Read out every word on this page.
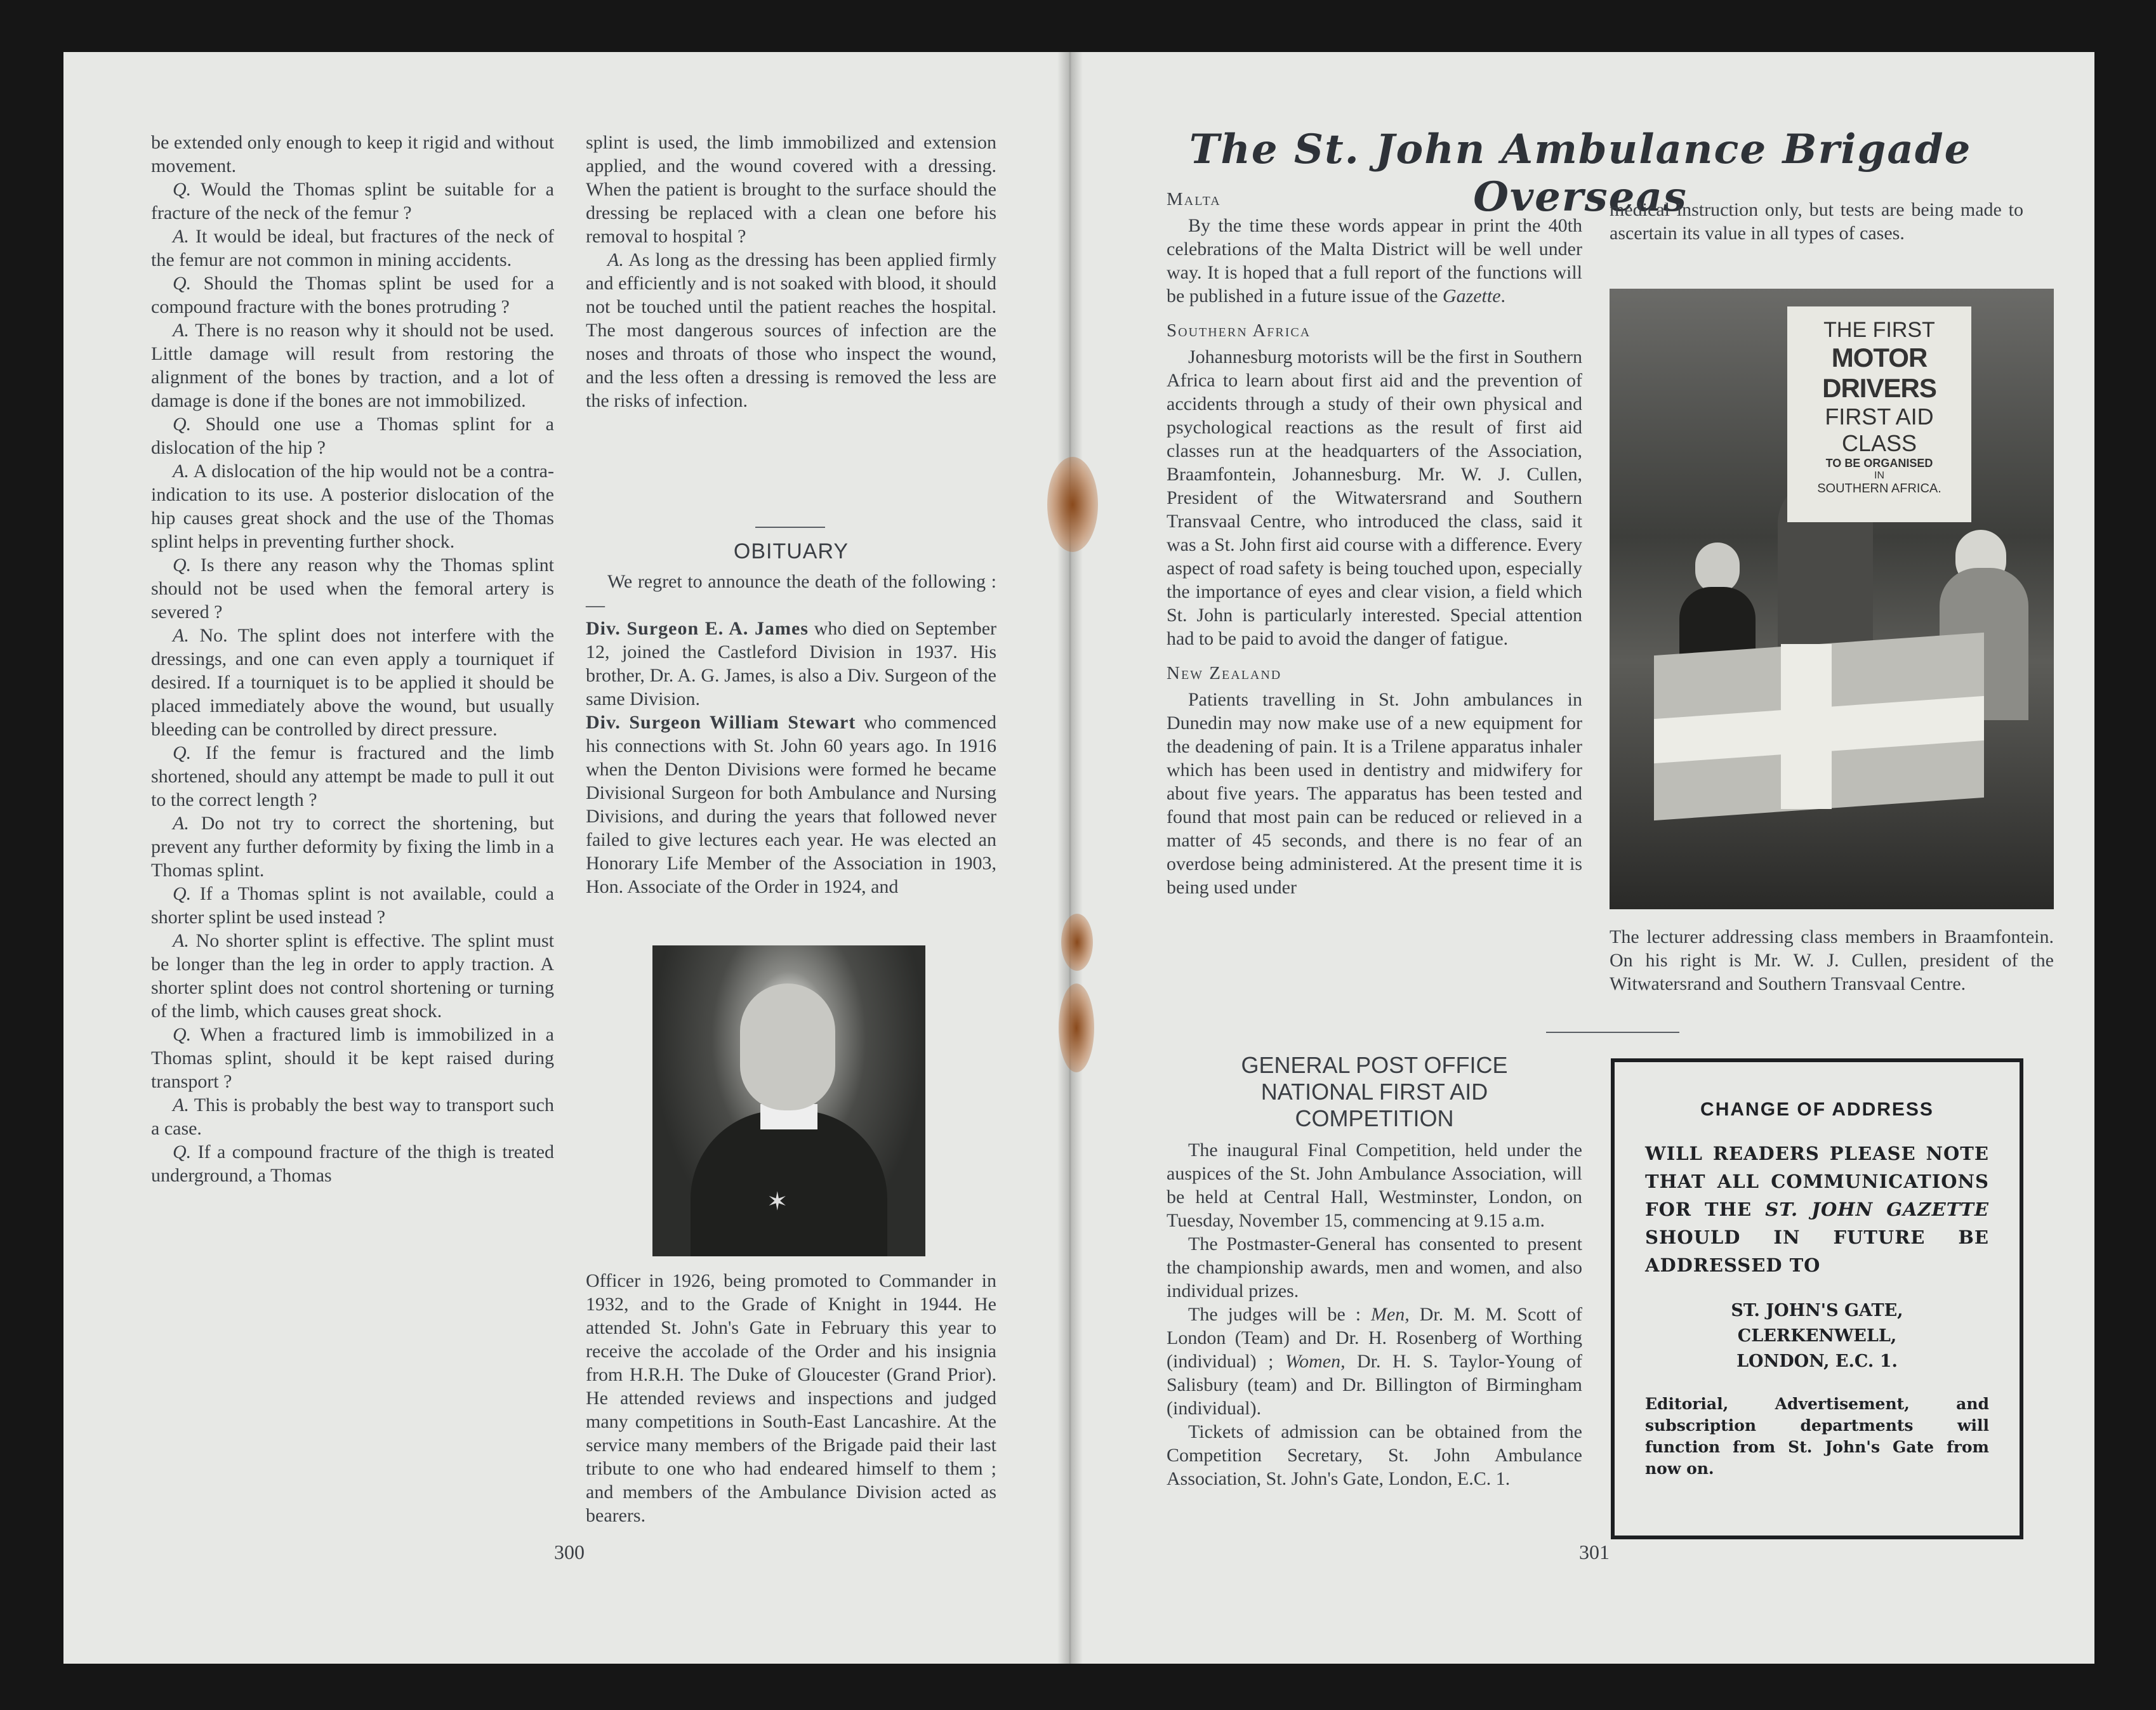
be extended only enough to keep it rigid and without movement.

Q. Would the Thomas splint be suitable for a fracture of the neck of the femur ?

A. It would be ideal, but fractures of the neck of the femur are not common in mining accidents.

Q. Should the Thomas splint be used for a compound fracture with the bones protruding ?

A. There is no reason why it should not be used. Little damage will result from restoring the alignment of the bones by traction, and a lot of damage is done if the bones are not immobilized.

Q. Should one use a Thomas splint for a dislocation of the hip ?

A. A dislocation of the hip would not be a contra-indication to its use. A posterior dislocation of the hip causes great shock and the use of the Thomas splint helps in preventing further shock.

Q. Is there any reason why the Thomas splint should not be used when the femoral artery is severed ?

A. No. The splint does not interfere with the dressings, and one can even apply a tourniquet if desired. If a tourniquet is to be applied it should be placed immediately above the wound, but usually bleeding can be controlled by direct pressure.

Q. If the femur is fractured and the limb shortened, should any attempt be made to pull it out to the correct length ?

A. Do not try to correct the shortening, but prevent any further deformity by fixing the limb in a Thomas splint.

Q. If a Thomas splint is not available, could a shorter splint be used instead ?

A. No shorter splint is effective. The splint must be longer than the leg in order to apply traction. A shorter splint does not control shortening or turning of the limb, which causes great shock.

Q. When a fractured limb is immobilized in a Thomas splint, should it be kept raised during transport ?

A. This is probably the best way to transport such a case.

Q. If a compound fracture of the thigh is treated underground, a Thomas

splint is used, the limb immobilized and extension applied, and the wound covered with a dressing. When the patient is brought to the surface should the dressing be replaced with a clean one before his removal to hospital ?

A. As long as the dressing has been applied firmly and efficiently and is not soaked with blood, it should not be touched until the patient reaches the hospital. The most dangerous sources of infection are the noses and throats of those who inspect the wound, and the less often a dressing is removed the less are the risks of infection.

OBITUARY

We regret to announce the death of the following :—

Div. Surgeon E. A. James who died on September 12, joined the Castleford Division in 1937. His brother, Dr. A. G. James, is also a Div. Surgeon of the same Division.

Div. Surgeon William Stewart who commenced his connections with St. John 60 years ago. In 1916 when the Denton Divisions were formed he became Divisional Surgeon for both Ambulance and Nursing Divisions, and during the years that followed never failed to give lectures each year. He was elected an Honorary Life Member of the Association in 1903, Hon. Associate of the Order in 1924, and

✶

Officer in 1926, being promoted to Commander in 1932, and to the Grade of Knight in 1944. He attended St. John's Gate in February this year to receive the accolade of the Order and his insignia from H.R.H. The Duke of Gloucester (Grand Prior). He attended reviews and inspections and judged many competitions in South-East Lancashire. At the service many members of the Brigade paid their last tribute to one who had endeared himself to them ; and members of the Ambulance Division acted as bearers.

300
The St. John Ambulance Brigade Overseas

Malta

By the time these words appear in print the 40th celebrations of the Malta District will be well under way. It is hoped that a full report of the functions will be published in a future issue of the Gazette.

Southern Africa

Johannesburg motorists will be the first in Southern Africa to learn about first aid and the prevention of accidents through a study of their own physical and psychological reactions as the result of first aid classes run at the headquarters of the Association, Braamfontein, Johannesburg. Mr. W. J. Cullen, President of the Witwatersrand and Southern Transvaal Centre, who introduced the class, said it was a St. John first aid course with a difference. Every aspect of road safety is being touched upon, especially the importance of eyes and clear vision, a field which St. John is particularly interested. Special attention had to be paid to avoid the danger of fatigue.

New Zealand

Patients travelling in St. John ambulances in Dunedin may now make use of a new equipment for the deadening of pain. It is a Trilene apparatus inhaler which has been used in dentistry and midwifery for about five years. The apparatus has been tested and found that most pain can be reduced or relieved in a matter of 45 seconds, and there is no fear of an overdose being administered. At the present time it is being used under

medical instruction only, but tests are being made to ascertain its value in all types of cases.

THE FIRST
MOTOR DRIVERS
FIRST AID CLASS
TO BE ORGANISED
IN
SOUTHERN AFRICA.
The lecturer addressing class members in Braamfontein. On his right is Mr. W. J. Cullen, president of the Witwatersrand and Southern Transvaal Centre.
GENERAL POST OFFICE
NATIONAL FIRST AID
COMPETITION

The inaugural Final Competition, held under the auspices of the St. John Ambulance Association, will be held at Central Hall, Westminster, London, on Tuesday, November 15, commencing at 9.15 a.m.

The Postmaster-General has consented to present the championship awards, men and women, and also individual prizes.

The judges will be : Men, Dr. M. M. Scott of London (Team) and Dr. H. Rosenberg of Worthing (individual) ; Women, Dr. H. S. Taylor-Young of Salisbury (team) and Dr. Billington of Birmingham (individual).

Tickets of admission can be obtained from the Competition Secretary, St. John Ambulance Association, St. John's Gate, London, E.C. 1.

CHANGE OF ADDRESS
WILL READERS PLEASE NOTE THAT ALL COMMUNICATIONS FOR THE ST. JOHN GAZETTE SHOULD IN FUTURE BE ADDRESSED TO
ST. JOHN'S GATE,
CLERKENWELL,
LONDON, E.C. 1.
Editorial, Advertisement, and subscription departments will function from St. John's Gate from now on.
301
